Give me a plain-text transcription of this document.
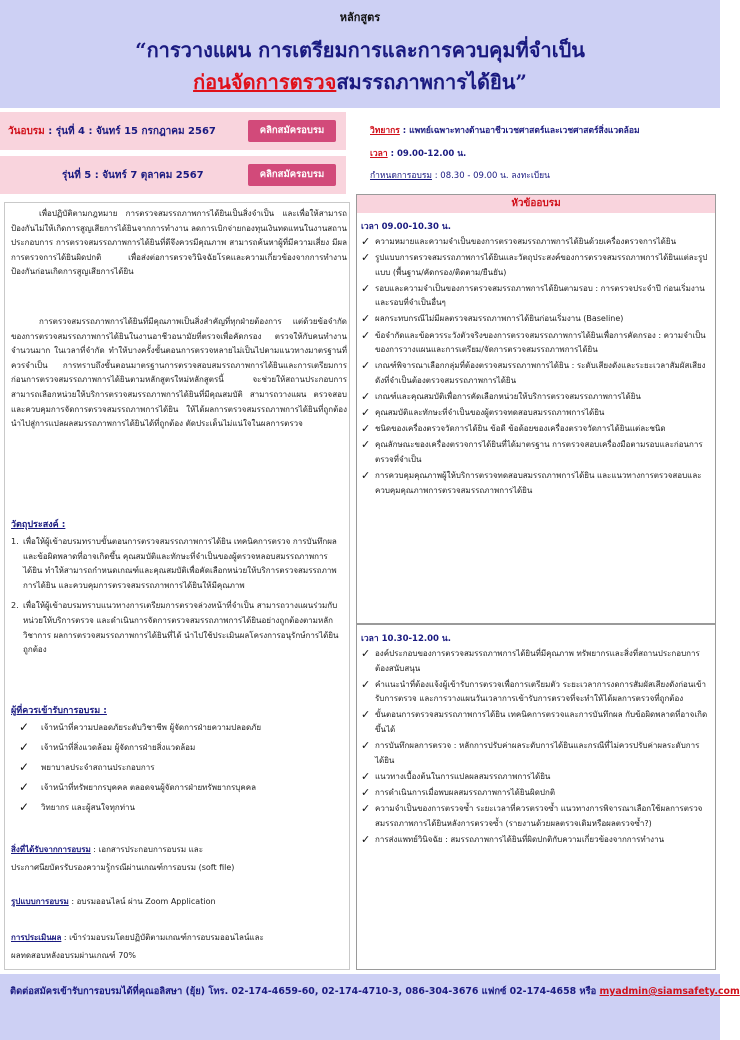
หลักสูตร
“การวางแผน การเตรียมการและการควบคุมที่จำเป็น
ก่อนจัดการตรวจสมรรถภาพการได้ยิน”
วันอบรม : รุ่นที่ 4 : จันทร์ 15 กรกฎาคม 2567	คลิกสมัครอบรม
รุ่นที่ 5 : จันทร์ 7 ตุลาคม 2567	คลิกสมัครอบรม
วิทยากร : แพทย์เฉพาะทางด้านอาชีวเวชศาสตร์และเวชศาสตร์สิ่งแวดล้อม
เวลา : 09.00-12.00 น.
กำหนดการอบรม : 08.30 - 09.00 น. ลงทะเบียน
เพื่อปฏิบัติตามกฎหมาย การตรวจสมรรถภาพการได้ยินเป็นสิ่งจำเป็น และเพื่อให้สามารถป้องกันไม่ให้เกิดการสูญเสียการได้ยินจากการทำงาน ลดการเบิกจ่ายกองทุนเงินทดแทนในงานสถานประกอบการ การตรวจสมรรถภาพการได้ยินที่ดีจึงควรมีคุณภาพ สามารถค้นหาผู้ที่มีความเสี่ยง มีผลการตรวจการได้ยินผิดปกติ เพื่อส่งต่อการตรวจวินิจฉัยโรคและความเกี่ยวข้องจากการทำงาน ป้องกันก่อนเกิดการสูญเสียการได้ยิน
การตรวจสมรรถภาพการได้ยินที่มีคุณภาพเป็นสิ่งสำคัญที่ทุกฝ่ายต้องการ แต่ด้วยข้อจำกัดของการตรวจสมรรถภาพการได้ยินในงานอาชีวอนามัยที่ตรวจเพื่อคัดกรอง ตรวจให้กับคนทำงานจำนวนมาก ในเวลาที่จำกัด ทำให้บางครั้งขั้นตอนการตรวจหลายไม่เป็นไปตามแนวทางมาตรฐานที่ควรจำเป็น การทราบถึงขั้นตอนมาตรฐานการตรวจสอบสมรรถภาพการได้ยินและการเตรียมการก่อนการตรวจสมรรถภาพการได้ยินตามหลักสูตรใหม่หลักสูตรนี้ จะช่วยให้สถานประกอบการสามารถเลือกหน่วยให้บริการตรวจสมรรถภาพการได้ยินที่มีคุณสมบัติ สามารถวางแผน ตรวจสอบ และควบคุมการจัดการตรวจสมรรถภาพการได้ยิน ให้ได้ผลการตรวจสมรรถภาพการได้ยินที่ถูกต้อง นำไปสู่การแปลผลสมรรถภาพการได้ยินได้ที่ถูกต้อง ตัดประเด็นไม่แน่ใจในผลการตรวจ
วัตถุประสงค์ :
1. เพื่อให้ผู้เข้าอบรมทราบขั้นตอนการตรวจสมรรถภาพการได้ยิน เทคนิคการตรวจ การบันทึกผล และข้อผิดพลาดที่อาจเกิดขึ้น คุณสมบัติและทักษะที่จำเป็นของผู้ตรวจหลอบสมรรถภาพการได้ยิน ทำให้สามารถกำหนดเกณฑ์และคุณสมบัติเพื่อคัดเลือกหน่วยให้บริการตรวจสมรรถภาพการได้ยิน และควบคุมการตรวจสมรรถภาพการได้ยินให้มีคุณภาพ
2. เพื่อให้ผู้เข้าอบรมทราบแนวทางการเตรียมการตรวจล่วงหน้าที่จำเป็น สามารถวางแผนร่วมกับหน่วยให้บริการตรวจ และดำเนินการจัดการตรวจสมรรถภาพการได้ยินอย่างถูกต้องตามหลักวิชาการ ผลการตรวจสมรรถภาพการได้ยินที่ได้ นำไปใช้ประเมินผลโครงการอนุรักษ์การได้ยินถูกต้อง
ผู้ที่ควรเข้ารับการอบรม :
✓ เจ้าหน้าที่ความปลอดภัยระดับวิชาชีพ ผู้จัดการฝ่ายความปลอดภัย
✓ เจ้าหน้าที่สิ่งแวดล้อม ผู้จัดการฝ่ายสิ่งแวดล้อม
✓ พยาบาลประจำสถานประกอบการ
✓ เจ้าหน้าที่ทรัพยากรบุคคล ตลอดจนผู้จัดการฝ่ายทรัพยากรบุคคล
✓ วิทยากร และผู้สนใจทุกท่าน
สิ่งที่ได้รับจากการอบรม : เอกสารประกอบการอบรม และ
ประกาศนียบัตรรับรองความรู้กรณีผ่านเกณฑ์การอบรม (soft file)
รูปแบบการอบรม : อบรมออนไลน์ ผ่าน Zoom Application
การประเมินผล : เข้าร่วมอบรมโดยปฏิบัติตามเกณฑ์การอบรมออนไลน์และ
ผลทดสอบหลังอบรมผ่านเกณฑ์ 70%
หัวข้ออบรม
เวลา 09.00-10.30 น.
✓ ความหมายและความจำเป็นของการตรวจสมรรถภาพการได้ยินด้วยเครื่องตรวจการได้ยิน
✓ รูปแบบการตรวจสมรรถภาพการได้ยินและวัตถุประสงค์ของการตรวจสมรรถภาพการได้ยินแต่ละรูปแบบ (พื้นฐาน/คัดกรอง/ติดตาม/ยืนยัน)
✓ รอบและความจำเป็นของการตรวจสมรรถภาพการได้ยินตามรอบ : การตรวจประจำปี ก่อนเริ่มงาน และรอบที่จำเป็นอื่นๆ
✓ ผลกระทบกรณีไม่มีผลตรวจสมรรถภาพการได้ยินก่อนเริ่มงาน (Baseline)
✓ ข้อจำกัดและข้อควรระวังตัวจริงของการตรวจสมรรถภาพการได้ยินเพื่อการคัดกรอง : ความจำเป็นของการวางแผนและการเตรียม/จัดการตรวจสมรรถภาพการได้ยิน
✓ เกณฑ์พิจารณาเลือกกลุ่มที่ต้องตรวจสมรรถภาพการได้ยิน : ระดับเสียงดังและระยะเวลาสัมผัสเสียงดังที่จำเป็นต้องตรวจสมรรถภาพการได้ยิน
✓ เกณฑ์และคุณสมบัติเพื่อการคัดเลือกหน่วยให้บริการตรวจสมรรถภาพการได้ยิน
✓ คุณสมบัติและทักษะที่จำเป็นของผู้ตรวจทดสอบสมรรถภาพการได้ยิน
✓ ชนิดของเครื่องตรวจวัดการได้ยิน ข้อดี ข้อด้อยของเครื่องตรวจวัดการได้ยินแต่ละชนิด
✓ คุณลักษณะของเครื่องตรวจการได้ยินที่ได้มาตรฐาน การตรวจสอบเครื่องมือตามรอบและก่อนการตรวจที่จำเป็น
✓ การควบคุมคุณภาพผู้ให้บริการตรวจทดสอบสมรรถภาพการได้ยิน และแนวทางการตรวจสอบและควบคุมคุณภาพการตรวจสมรรถภาพการได้ยิน
เวลา 10.30-12.00 น.
✓ องค์ประกอบของการตรวจสมรรถภาพการได้ยินที่มีคุณภาพ ทรัพยากรและสิ่งที่สถานประกอบการต้องสนับสนุน
✓ คำแนะนำที่ต้องแจ้งผู้เข้ารับการตรวจเพื่อการเตรียมตัว ระยะเวลาการงดการสัมผัสเสียงดังก่อนเข้ารับการตรวจ และการวางแผนวันเวลาการเข้ารับการตรวจที่จะทำให้ได้ผลการตรวจที่ถูกต้อง
✓ ขั้นตอนการตรวจสมรรถภาพการได้ยิน เทคนิคการตรวจและการบันทึกผล กับข้อผิดพลาดที่อาจเกิดขึ้นได้
✓ การบันทึกผลการตรวจ : หลักการปรับค่าผลระดับการได้ยินและกรณีที่ไม่ควรปรับค่าผลระดับการได้ยิน
✓ แนวทางเบื้องต้นในการแปลผลสมรรถภาพการได้ยิน
✓ การดำเนินการเมื่อพบผลสมรรถภาพการได้ยินผิดปกติ
✓ ความจำเป็นของการตรวจซ้ำ ระยะเวลาที่ควรตรวจซ้ำ แนวทางการพิจารณาเลือกใช้ผลการตรวจสมรรถภาพการได้ยินหลังการตรวจซ้ำ (รายงานด้วยผลตรวจเดิมหรือผลตรวจซ้ำ?)
✓ การส่งแพทย์วินิจฉัย : สมรรถภาพการได้ยินที่ผิดปกติกับความเกี่ยวข้องจากการทำงาน
ติดต่อสมัครเข้ารับการอบรมได้ที่คุณอลิสษา (ยุ้ย) โทร. 02-174-4659-60, 02-174-4710-3, 086-304-3676 แฟกซ์ 02-174-4658 หรือ myadmin@siamsafety.com
